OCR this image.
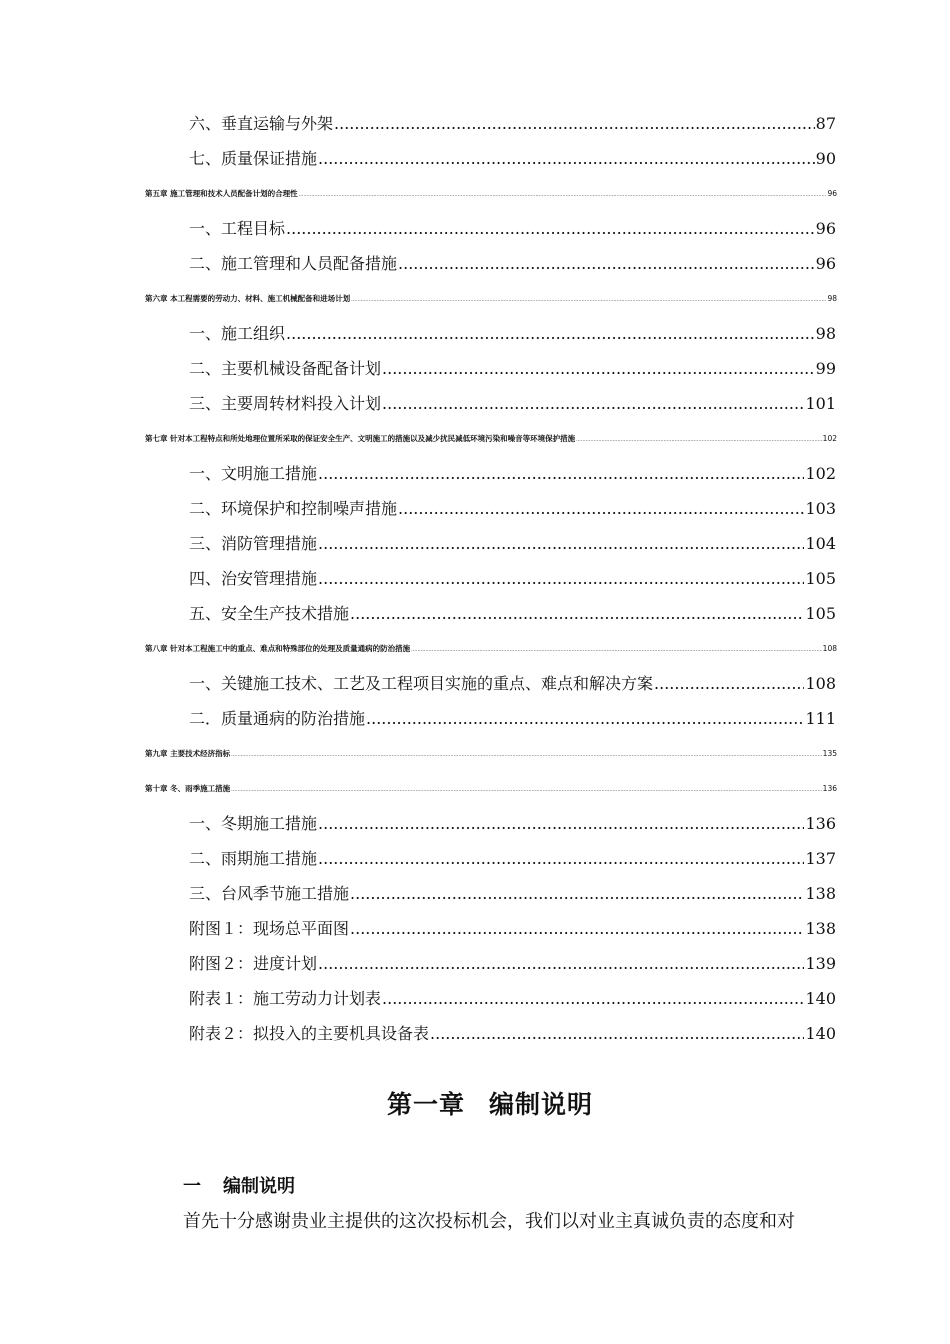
六、垂直运输与外架 .....	87
七、质量保证措施 .....	90
第五章 施工管理和技术人员配备计划的合理性 .....	96
一、工程目标 .....	96
二、施工管理和人员配备措施 .....	96
第六章 本工程需要的劳动力、材料、施工机械配备和进场计划 .....	98
一、施工组织 .....	98
二、主要机械设备配备计划 .....	99
三、主要周转材料投入计划 .....	101
第七章 针对本工程特点和所处地理位置所采取的保证安全生产、文明施工的措施以及减少扰民减低环境污染和噪音等环境保护措施 .....	102
一、文明施工措施 .....	102
二、环境保护和控制噪声措施 .....	103
三、消防管理措施 .....	104
四、治安管理措施 .....	105
五、安全生产技术措施 .....	105
第八章 针对本工程施工中的重点、难点和特殊部位的处理及质量通病的防治措施 .....	108
一、关键施工技术、工艺及工程项目实施的重点、难点和解决方案 .....	108
二．质量通病的防治措施 .....	111
第九章 主要技术经济指标 .....	135
第十章 冬、雨季施工措施 .....	136
一、冬期施工措施 .....	136
二、雨期施工措施 .....	137
三、台风季节施工措施 .....	138
附图１：现场总平面图 .....	138
附图２：进度计划 .....	139
附表１：施工劳动力计划表 .....	140
附表２：拟投入的主要机具设备表 .....	140
第一章 编制说明
一 编制说明
首先十分感谢贵业主提供的这次投标机会，我们以对业主真诚负责的态度和对
